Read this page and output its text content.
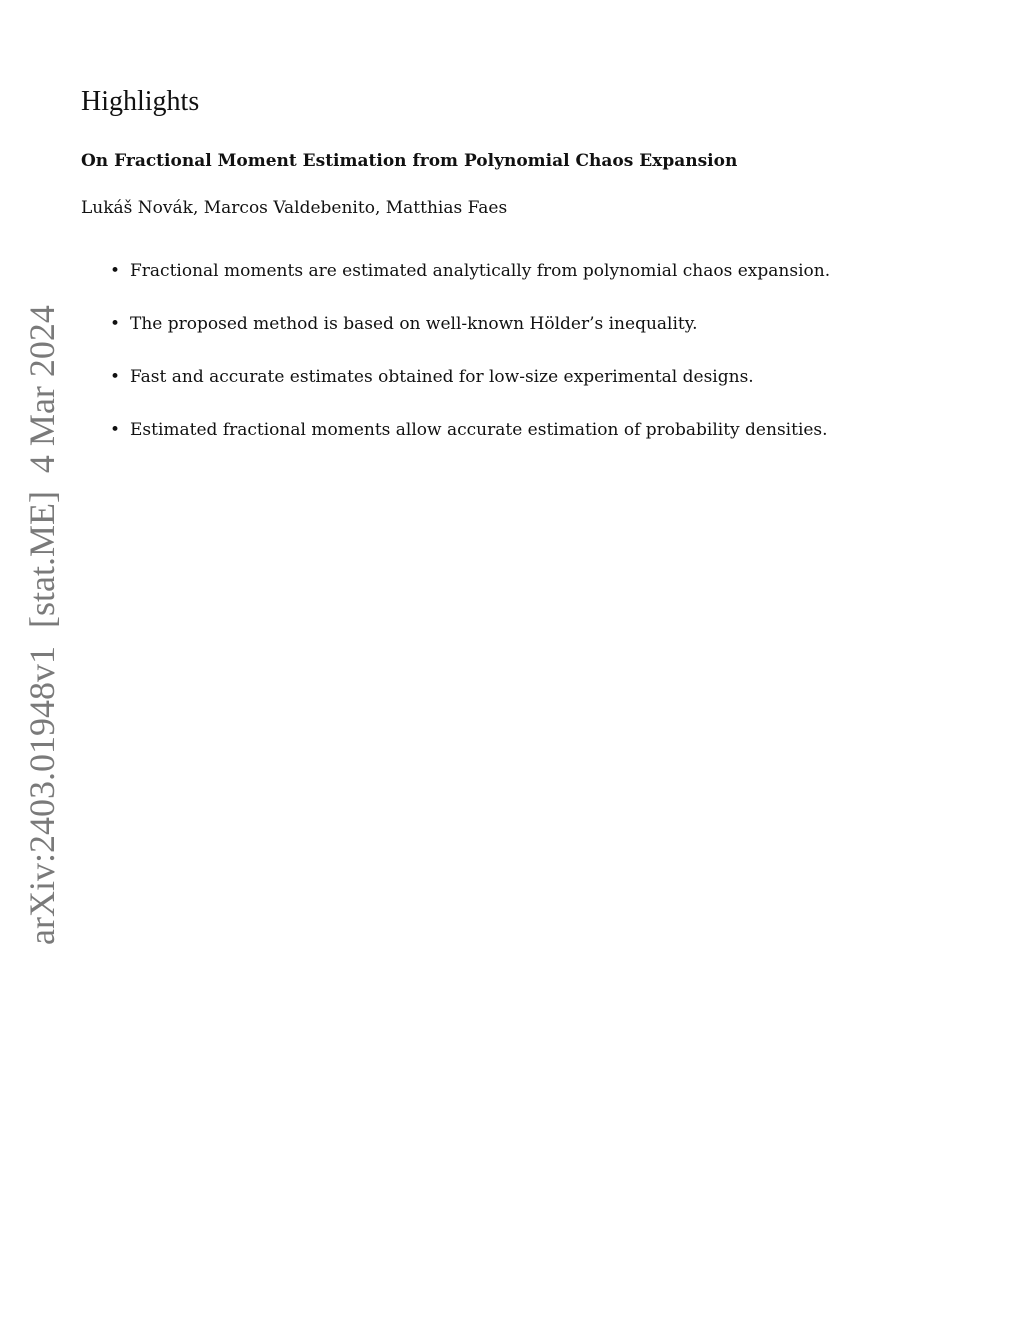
Highlights
On Fractional Moment Estimation from Polynomial Chaos Expansion
Lukáš Novák, Marcos Valdebenito, Matthias Faes
• Fractional moments are estimated analytically from polynomial chaos expansion.
• The proposed method is based on well-known Hölder’s inequality.
• Fast and accurate estimates obtained for low-size experimental designs.
• Estimated fractional moments allow accurate estimation of probability densities.
arXiv:2403.01948v1[stat.ME]4 Mar 2024
